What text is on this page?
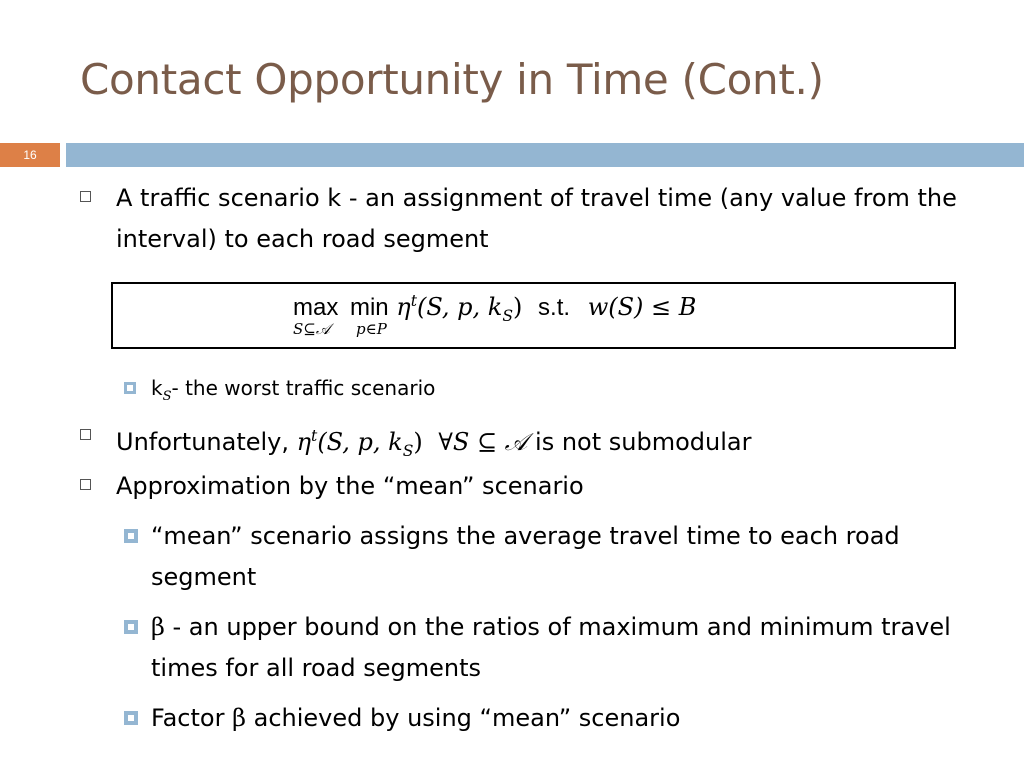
Contact Opportunity in Time (Cont.)
16
A traffic scenario k - an assignment of travel time (any value from the interval) to each road segment
max
S⊆𝒜
min
p∈P
$\eta^t(S$, p, $k_S$) s.t. w(S) ≤ B
$k_S-$ the worst traffic scenario
Unfortunately, $\eta^t(S$, p, $k_S$) ∀S ⊆ 𝒜 is not submodular
Approximation by the “mean” scenario
“mean” scenario assigns the average travel time to each road segment
β - an upper bound on the ratios of maximum and minimum travel times for all road segments
Factor β achieved by using “mean” scenario
